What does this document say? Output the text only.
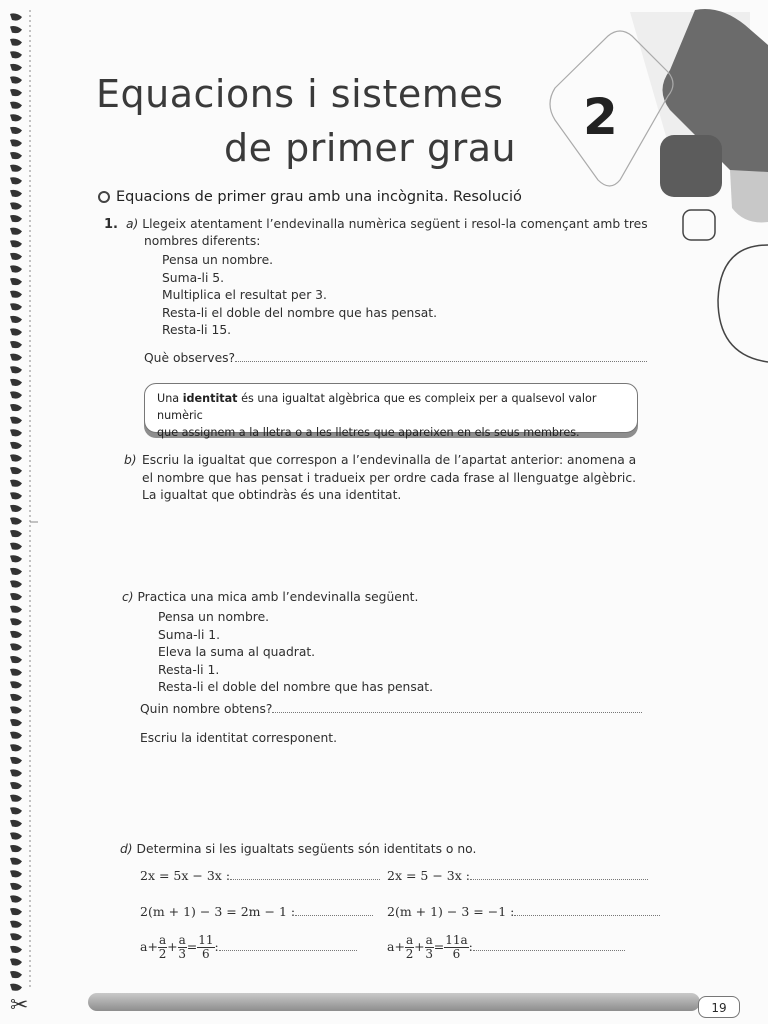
✂
Equacions i sistemes
de primer grau
2
Equacions de primer grau amb una incògnita. Resolució
1. a) Llegeix atentament l’endevinalla numèrica següent i resol-la començant amb tres
nombres diferents:
Pensa un nombre.
Suma-li 5.
Multiplica el resultat per 3.
Resta-li el doble del nombre que has pensat.
Resta-li 15.
Què observes?
Una identitat és una igualtat algèbrica que es compleix per a qualsevol valor numèric
que assignem a la lletra o a les lletres que apareixen en els seus membres.
b) Escriu la igualtat que correspon a l’endevinalla de l’apartat anterior: anomena a
el nombre que has pensat i tradueix per ordre cada frase al llenguatge algèbric.
La igualtat que obtindràs és una identitat.
c) Practica una mica amb l’endevinalla següent.
Pensa un nombre.
Suma-li 1.
Eleva la suma al quadrat.
Resta-li 1.
Resta-li el doble del nombre que has pensat.
Quin nombre obtens?
Escriu la identitat corresponent.
d) Determina si les igualtats següents són identitats o no.
2x = 5x − 3x :	2x = 5 − 3x :
2(m + 1) − 3 = 2m − 1 :	2(m + 1) − 3 = −1 :
$a+ \frac{a}{2} + \frac{a}{3} = \frac{11}{6}$ :	$a+ \frac{a}{2} + \frac{a}{3} = \frac{11a}{6}$ :
19
